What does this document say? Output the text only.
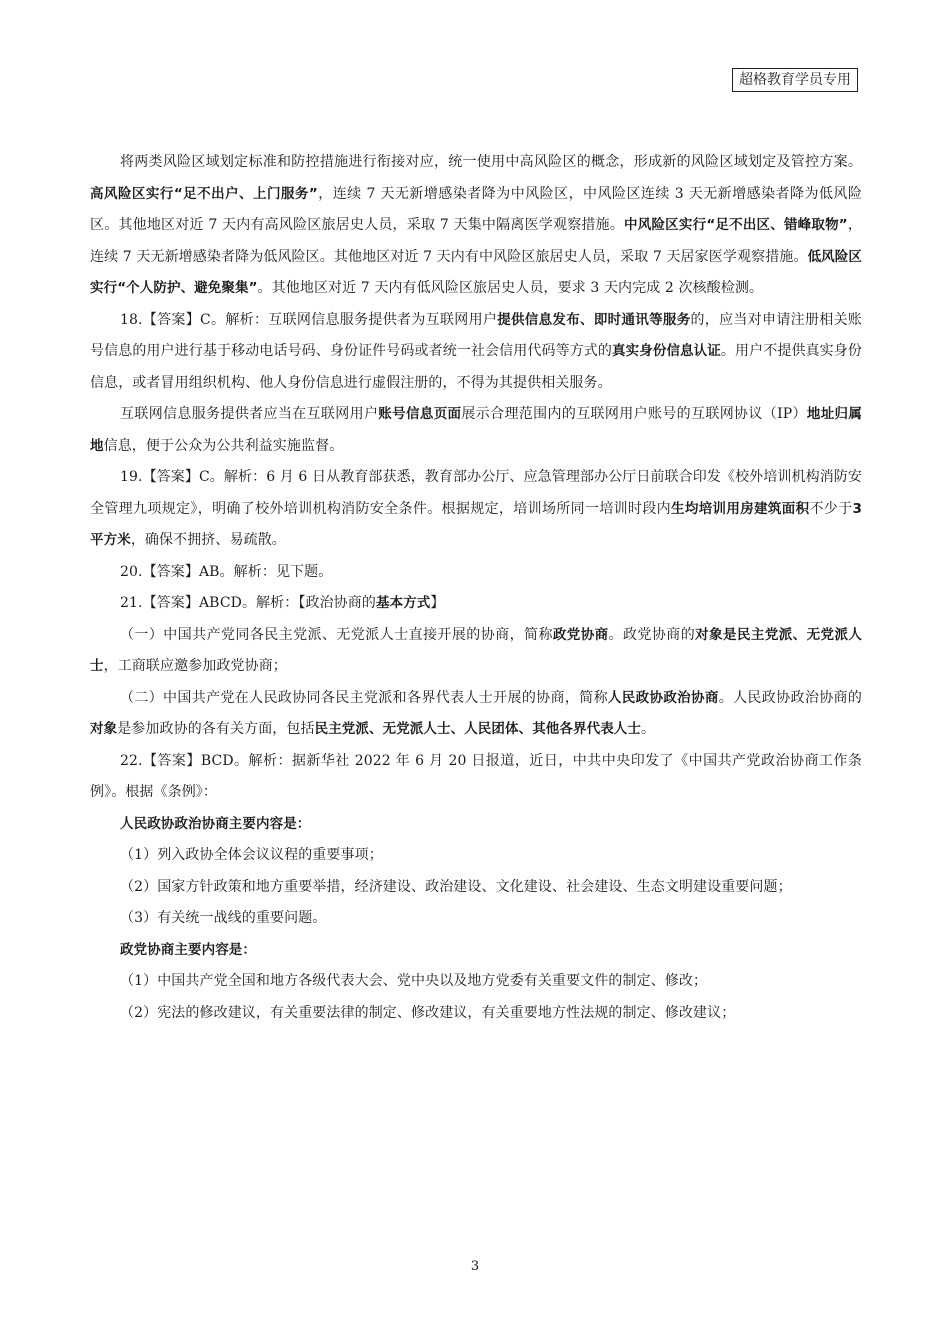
超格教育学员专用

将两类风险区域划定标准和防控措施进行衔接对应，统一使用中高风险区的概念，形成新的风险区域划定及管控方案。高风险区实行“足不出户、上门服务”，连续 7 天无新增感染者降为中风险区，中风险区连续 3 天无新增感染者降为低风险区。其他地区对近 7 天内有高风险区旅居史人员，采取 7 天集中隔离医学观察措施。中风险区实行“足不出区、错峰取物”，连续 7 天无新增感染者降为低风险区。其他地区对近 7 天内有中风险区旅居史人员，采取 7 天居家医学观察措施。低风险区实行“个人防护、避免聚集”。其他地区对近 7 天内有低风险区旅居史人员，要求 3 天内完成 2 次核酸检测。

18.【答案】C。解析：互联网信息服务提供者为互联网用户提供信息发布、即时通讯等服务的，应当对申请注册相关账号信息的用户进行基于移动电话号码、身份证件号码或者统一社会信用代码等方式的真实身份信息认证。用户不提供真实身份信息，或者冒用组织机构、他人身份信息进行虚假注册的，不得为其提供相关服务。

互联网信息服务提供者应当在互联网用户账号信息页面展示合理范围内的互联网用户账号的互联网协议（IP）地址归属地信息，便于公众为公共利益实施监督。

19.【答案】C。解析：6 月 6 日从教育部获悉，教育部办公厅、应急管理部办公厅日前联合印发《校外培训机构消防安全管理九项规定》，明确了校外培训机构消防安全条件。根据规定，培训场所同一培训时段内生均培训用房建筑面积不少于3 平方米，确保不拥挤、易疏散。

20.【答案】AB。解析：见下题。

21.【答案】ABCD。解析：【政治协商的基本方式】

（一）中国共产党同各民主党派、无党派人士直接开展的协商，简称政党协商。政党协商的对象是民主党派、无党派人士，工商联应邀参加政党协商；

（二）中国共产党在人民政协同各民主党派和各界代表人士开展的协商，简称人民政协政治协商。人民政协政治协商的对象是参加政协的各有关方面，包括民主党派、无党派人士、人民团体、其他各界代表人士。

22.【答案】BCD。解析：据新华社 2022 年 6 月 20 日报道，近日，中共中央印发了《中国共产党政治协商工作条例》。根据《条例》：

人民政协政治协商主要内容是：

（1）列入政协全体会议议程的重要事项；

（2）国家方针政策和地方重要举措，经济建设、政治建设、文化建设、社会建设、生态文明建设重要问题；

（3）有关统一战线的重要问题。

政党协商主要内容是：

（1）中国共产党全国和地方各级代表大会、党中央以及地方党委有关重要文件的制定、修改；

（2）宪法的修改建议，有关重要法律的制定、修改建议，有关重要地方性法规的制定、修改建议；

3
